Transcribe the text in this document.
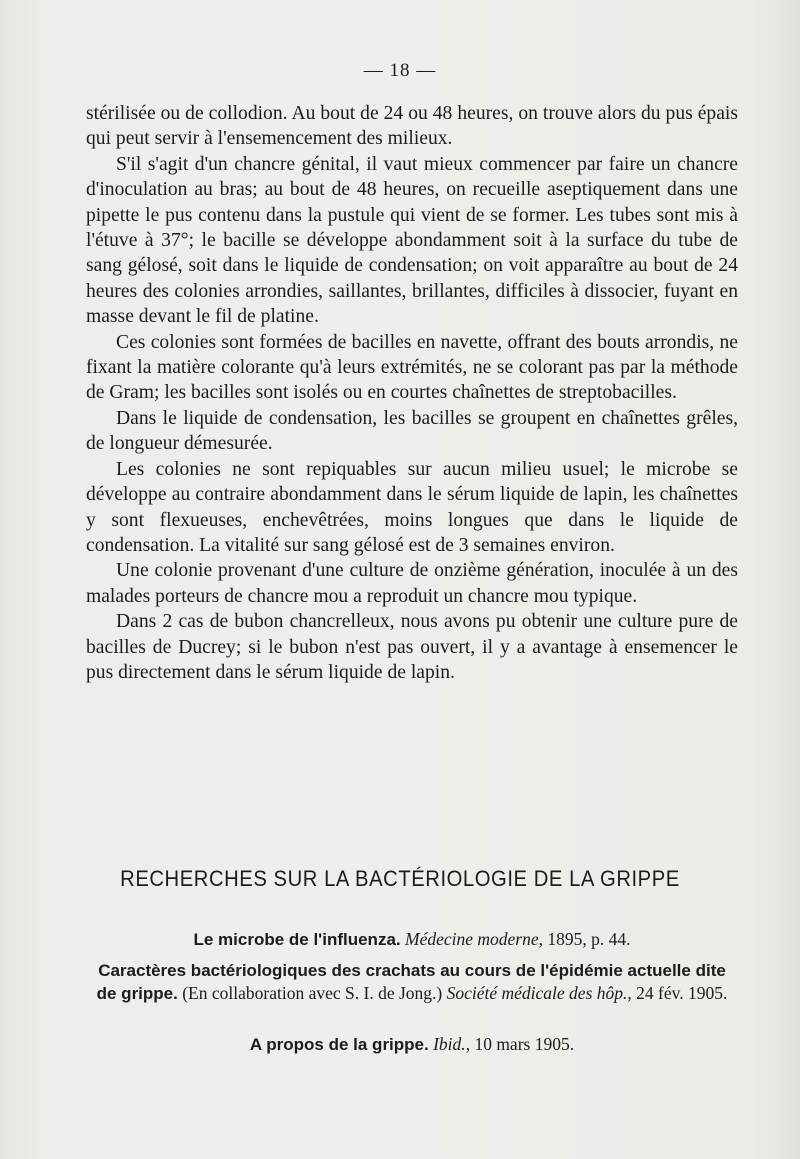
— 18 —

stérilisée ou de collodion. Au bout de 24 ou 48 heures, on trouve alors du pus épais qui peut servir à l'ensemencement des milieux.

S'il s'agit d'un chancre génital, il vaut mieux commencer par faire un chancre d'inoculation au bras; au bout de 48 heures, on recueille aseptiquement dans une pipette le pus contenu dans la pustule qui vient de se former. Les tubes sont mis à l'étuve à 37°; le bacille se développe abondamment soit à la surface du tube de sang gélosé, soit dans le liquide de condensation; on voit apparaître au bout de 24 heures des colonies arrondies, saillantes, brillantes, difficiles à dissocier, fuyant en masse devant le fil de platine.

Ces colonies sont formées de bacilles en navette, offrant des bouts arrondis, ne fixant la matière colorante qu'à leurs extrémités, ne se colorant pas par la méthode de Gram; les bacilles sont isolés ou en courtes chaînettes de streptobacilles.

Dans le liquide de condensation, les bacilles se groupent en chaînettes grêles, de longueur démesurée.

Les colonies ne sont repiquables sur aucun milieu usuel; le microbe se développe au contraire abondamment dans le sérum liquide de lapin, les chaînettes y sont flexueuses, enchevêtrées, moins longues que dans le liquide de condensation. La vitalité sur sang gélosé est de 3 semaines environ.

Une colonie provenant d'une culture de onzième génération, inoculée à un des malades porteurs de chancre mou a reproduit un chancre mou typique.

Dans 2 cas de bubon chancrelleux, nous avons pu obtenir une culture pure de bacilles de Ducrey; si le bubon n'est pas ouvert, il y a avantage à ensemencer le pus directement dans le sérum liquide de lapin.

RECHERCHES SUR LA BACTÉRIOLOGIE DE LA GRIPPE
Le microbe de l'influenza. Médecine moderne, 1895, p. 44.
Caractères bactériologiques des crachats au cours de l'épidémie actuelle dite de grippe. (En collaboration avec S. I. de Jong.) Société médicale des hôp., 24 fév. 1905.
A propos de la grippe. Ibid., 10 mars 1905.
